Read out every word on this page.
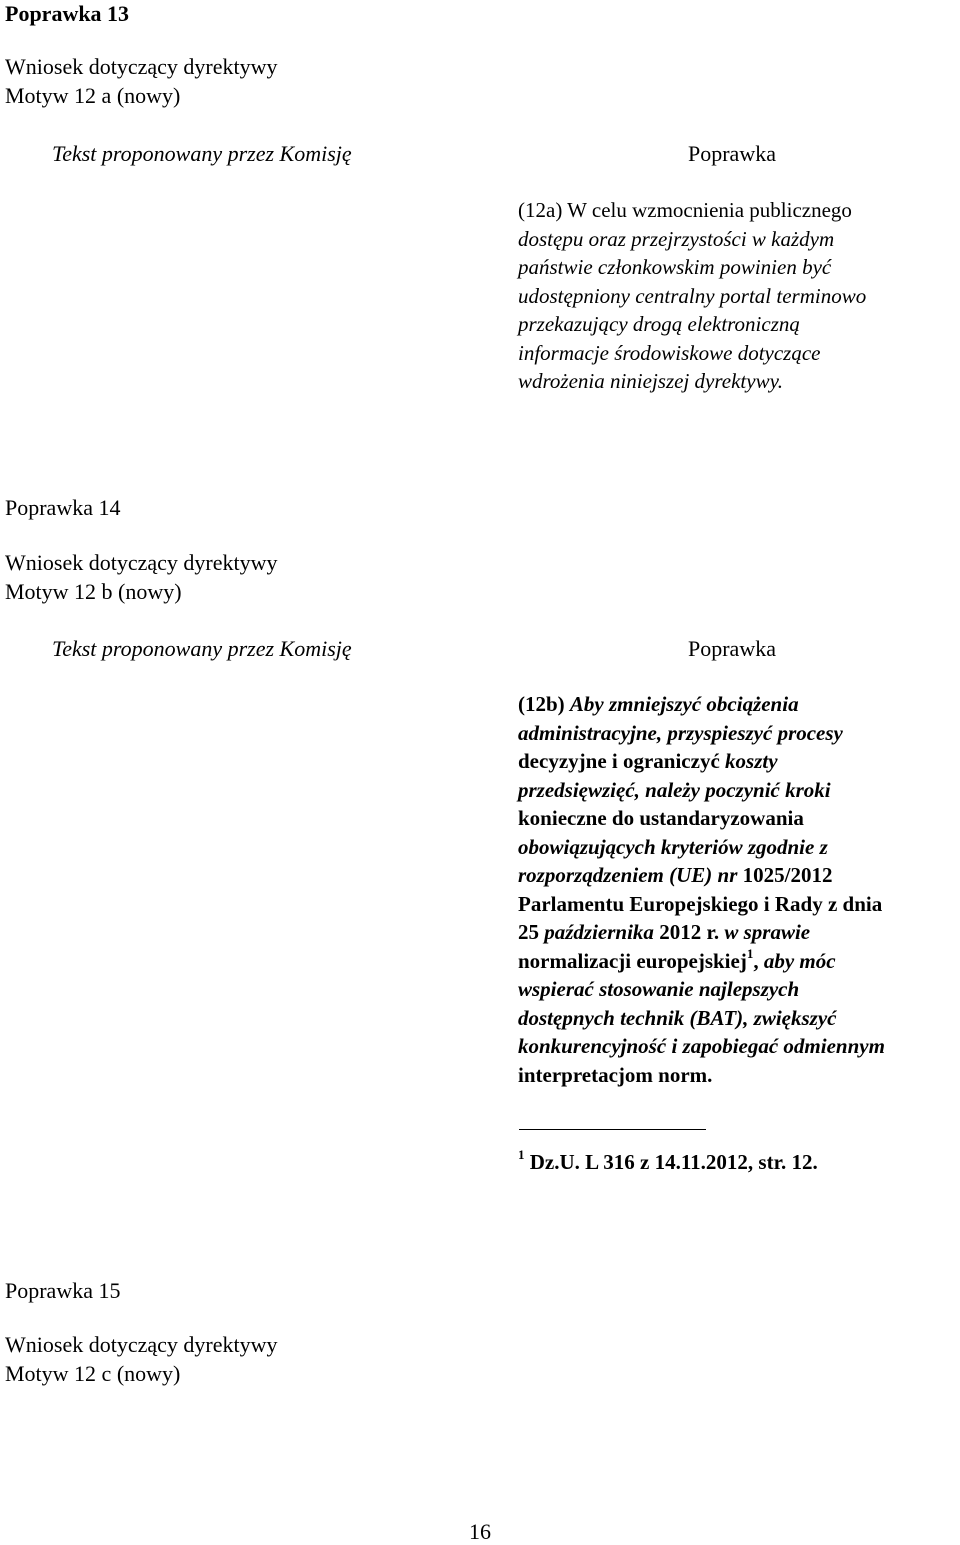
Poprawka 13
Wniosek dotyczący dyrektywy
Motyw 12 a (nowy)
Tekst proponowany przez Komisję	Poprawka
(12a) W celu wzmocnienia publicznego
dostępu oraz przejrzystości w każdym
państwie członkowskim powinien być
udostępniony centralny portal terminowo
przekazujący drogą elektroniczną
informacje środowiskowe dotyczące
wdrożenia niniejszej dyrektywy.
Poprawka 14
Wniosek dotyczący dyrektywy
Motyw 12 b (nowy)
Tekst proponowany przez Komisję	Poprawka
(12b) Aby zmniejszyć obciążenia
administracyjne, przyspieszyć procesy
decyzyjne i ograniczyć koszty
przedsięwzięć, należy poczynić kroki
konieczne do ustandaryzowania
obowiązujących kryteriów zgodnie z
rozporządzeniem (UE) nr 1025/2012
Parlamentu Europejskiego i Rady z dnia
25 października 2012 r. w sprawie
normalizacji europejskiej$^1$, aby móc
wspierać stosowanie najlepszych
dostępnych technik (BAT), zwiększyć
konkurencyjność i zapobiegać odmiennym
interpretacjom norm.
$^1$ Dz.U. L 316 z 14.11.2012, str. 12.
Poprawka 15
Wniosek dotyczący dyrektywy
Motyw 12 c (nowy)
16
